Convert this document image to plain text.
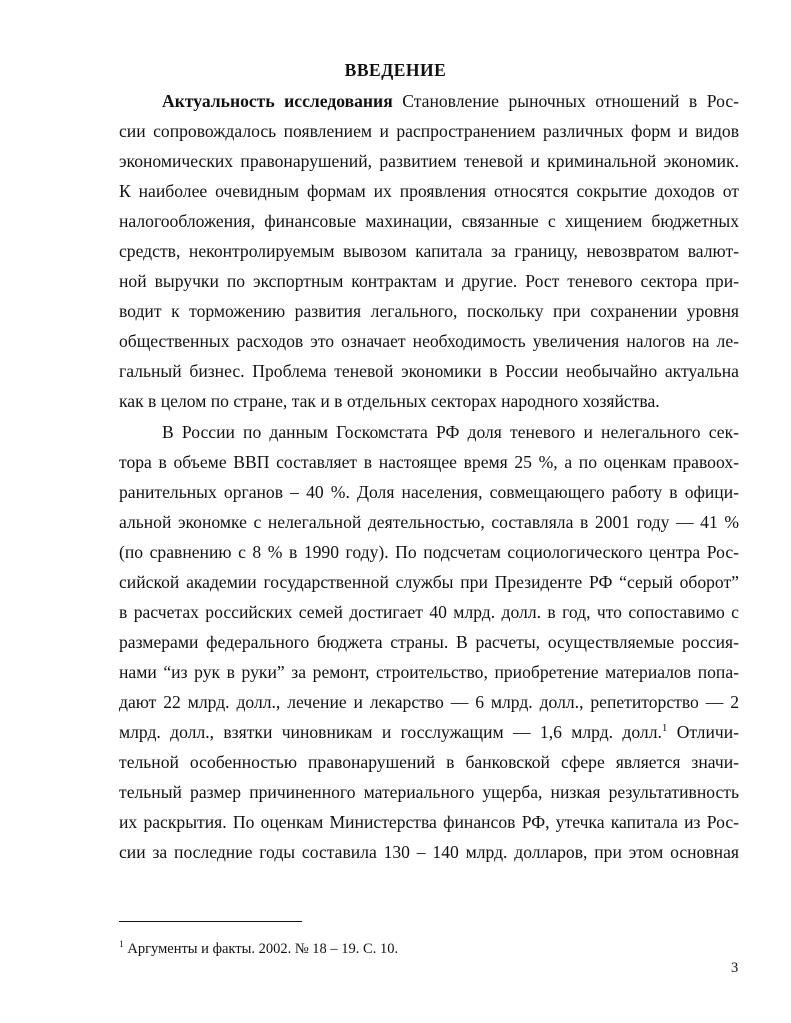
ВВЕДЕНИЕ
Актуальность исследования Становление рыночных отношений в Рос-
сии сопровождалось появлением и распространением различных форм и видов
экономических правонарушений, развитием теневой и криминальной экономик.
К наиболее очевидным формам их проявления относятся сокрытие доходов от
налогообложения, финансовые махинации, связанные с хищением бюджетных
средств, неконтролируемым вывозом капитала за границу, невозвратом валют-
ной выручки по экспортным контрактам и другие. Рост теневого сектора при-
водит к торможению развития легального, поскольку при сохранении уровня
общественных расходов это означает необходимость увеличения налогов на ле-
гальный бизнес. Проблема теневой экономики в России необычайно актуальна
как в целом по стране, так и в отдельных секторах народного хозяйства.
В России по данным Госкомстата РФ доля теневого и нелегального сек-
тора в объеме ВВП составляет в настоящее время 25 %, а по оценкам правоох-
ранительных органов – 40 %. Доля населения, совмещающего работу в офици-
альной экономке с нелегальной деятельностью, составляла в 2001 году — 41 %
(по сравнению с 8 % в 1990 году). По подсчетам социологического центра Рос-
сийской академии государственной службы при Президенте РФ “серый оборот”
в расчетах российских семей достигает 40 млрд. долл. в год, что сопоставимо с
размерами федерального бюджета страны. В расчеты, осуществляемые россия-
нами “из рук в руки” за ремонт, строительство, приобретение материалов попа-
дают 22 млрд. долл., лечение и лекарство — 6 млрд. долл., репетиторство — 2
млрд. долл., взятки чиновникам и госслужащим — 1,6 млрд. долл.$^1$ Отличи-
тельной особенностью правонарушений в банковской сфере является значи-
тельный размер причиненного материального ущерба, низкая результативность
их раскрытия. По оценкам Министерства финансов РФ, утечка капитала из Рос-
сии за последние годы составила 130 – 140 млрд. долларов, при этом основная
$^1$ Аргументы и факты. 2002. № 18 – 19. С. 10.
3
